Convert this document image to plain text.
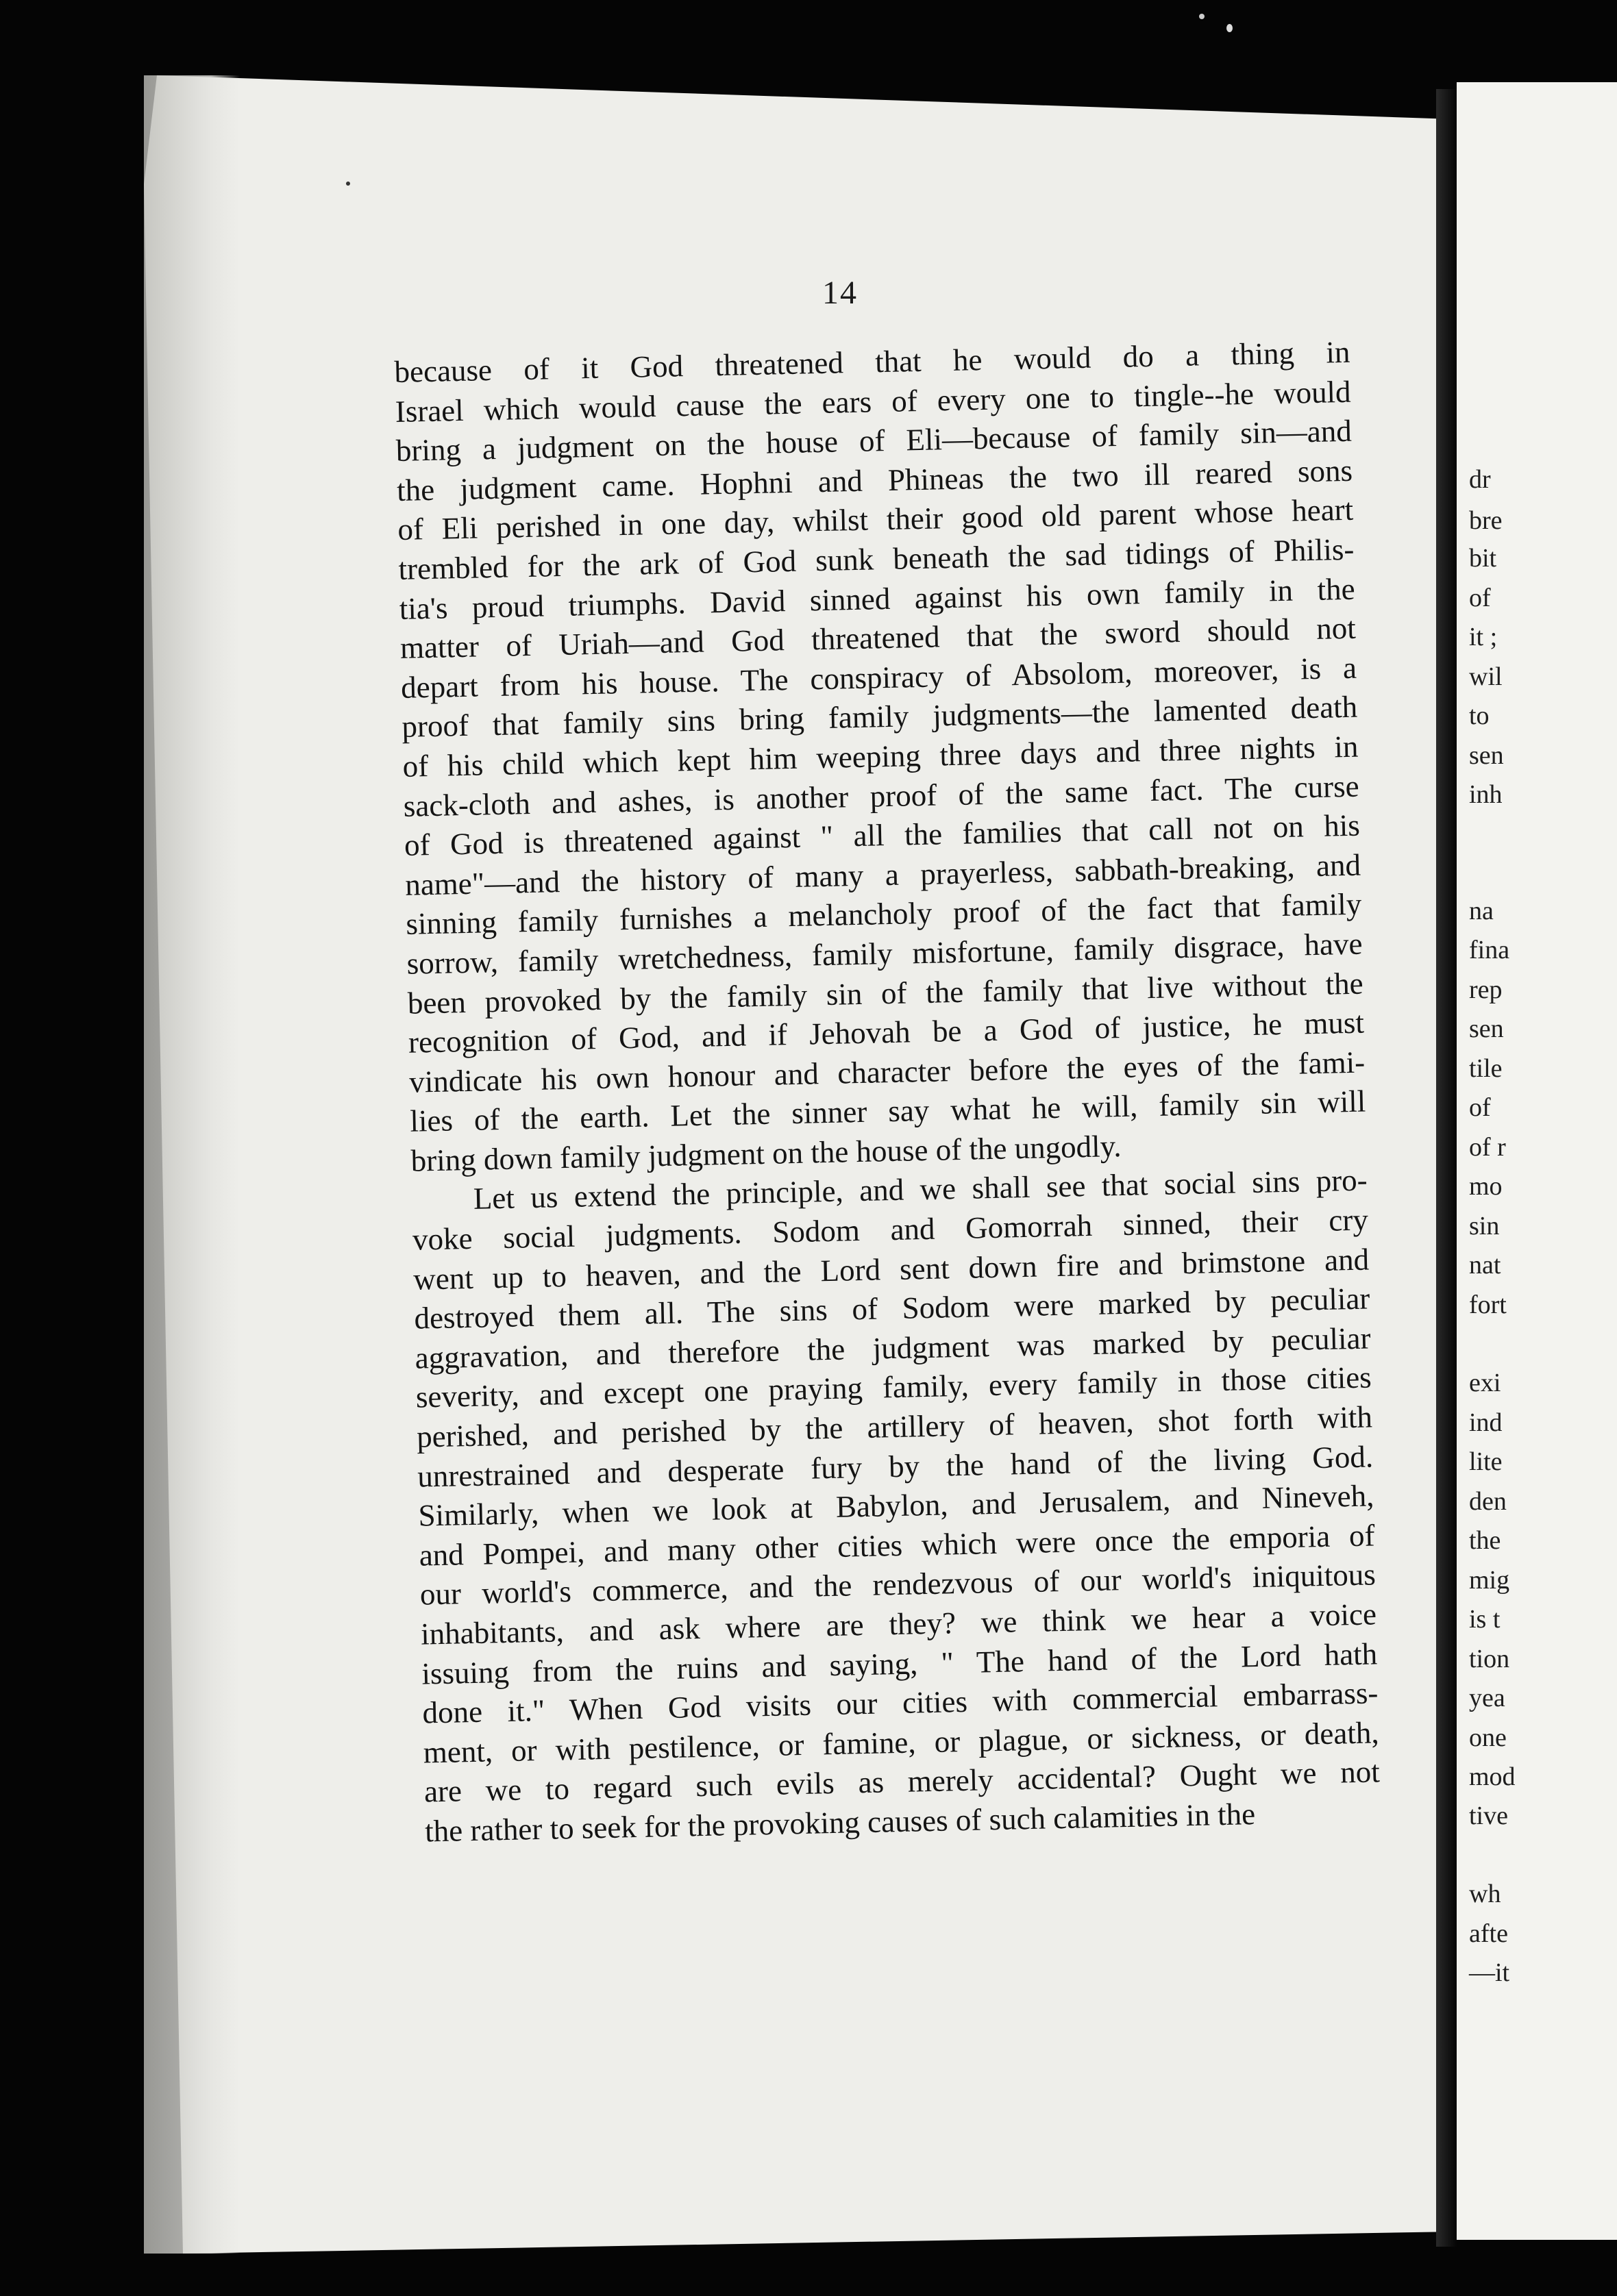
dr
bre
bit
of
it ;
wil
to
sen
inh
na
fina
rep
sen
tile
of
of r
mo
sin
nat
fort
exi
ind
lite
den
the
mig
is t
tion
yea
one
mod
tive
wh
afte
—it
14
because of it God threatened that he would do a thing in
Israel which would cause the ears of every one to tingle--he would
bring a judgment on the house of Eli—because of family sin—and
the judgment came. Hophni and Phineas the two ill reared sons
of Eli perished in one day, whilst their good old parent whose heart
trembled for the ark of God sunk beneath the sad tidings of Philis-
tia's proud triumphs. David sinned against his own family in the
matter of Uriah—and God threatened that the sword should not
depart from his house. The conspiracy of Absolom, moreover, is a
proof that family sins bring family judgments—the lamented death
of his child which kept him weeping three days and three nights in
sack-cloth and ashes, is another proof of the same fact. The curse
of God is threatened against " all the families that call not on his
name"—and the history of many a prayerless, sabbath-breaking, and
sinning family furnishes a melancholy proof of the fact that family
sorrow, family wretchedness, family misfortune, family disgrace, have
been provoked by the family sin of the family that live without the
recognition of God, and if Jehovah be a God of justice, he must
vindicate his own honour and character before the eyes of the fami-
lies of the earth. Let the sinner say what he will, family sin will
bring down family judgment on the house of the ungodly.
Let us extend the principle, and we shall see that social sins pro-
voke social judgments. Sodom and Gomorrah sinned, their cry
went up to heaven, and the Lord sent down fire and brimstone and
destroyed them all. The sins of Sodom were marked by peculiar
aggravation, and therefore the judgment was marked by peculiar
severity, and except one praying family, every family in those cities
perished, and perished by the artillery of heaven, shot forth with
unrestrained and desperate fury by the hand of the living God.
Similarly, when we look at Babylon, and Jerusalem, and Nineveh,
and Pompei, and many other cities which were once the emporia of
our world's commerce, and the rendezvous of our world's iniquitous
inhabitants, and ask where are they? we think we hear a voice
issuing from the ruins and saying, " The hand of the Lord hath
done it." When God visits our cities with commercial embarrass-
ment, or with pestilence, or famine, or plague, or sickness, or death,
are we to regard such evils as merely accidental? Ought we not
the rather to seek for the provoking causes of such calamities in the
